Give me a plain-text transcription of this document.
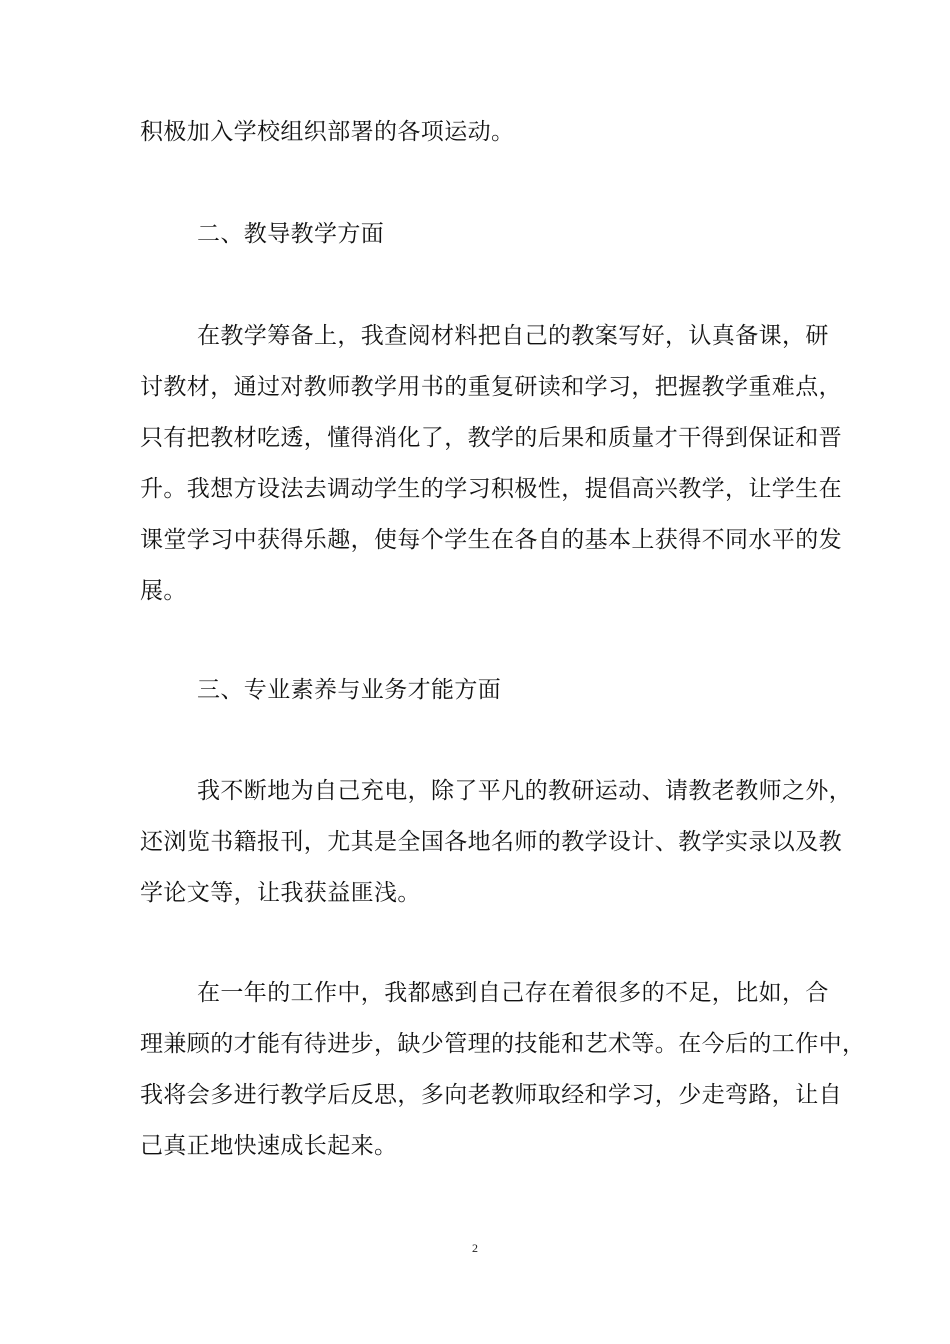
积极加入学校组织部署的各项运动。
二、教导教学方面
在教学筹备上，我查阅材料把自己的教案写好，认真备课，研
讨教材，通过对教师教学用书的重复研读和学习，把握教学重难点，
只有把教材吃透，懂得消化了，教学的后果和质量才干得到保证和晋
升。我想方设法去调动学生的学习积极性，提倡高兴教学，让学生在
课堂学习中获得乐趣，使每个学生在各自的基本上获得不同水平的发
展。
三、专业素养与业务才能方面
我不断地为自己充电，除了平凡的教研运动、请教老教师之外，
还浏览书籍报刊，尤其是全国各地名师的教学设计、教学实录以及教
学论文等，让我获益匪浅。
在一年的工作中，我都感到自己存在着很多的不足，比如，合
理兼顾的才能有待进步，缺少管理的技能和艺术等。在今后的工作中，
我将会多进行教学后反思，多向老教师取经和学习，少走弯路，让自
己真正地快速成长起来。
2
